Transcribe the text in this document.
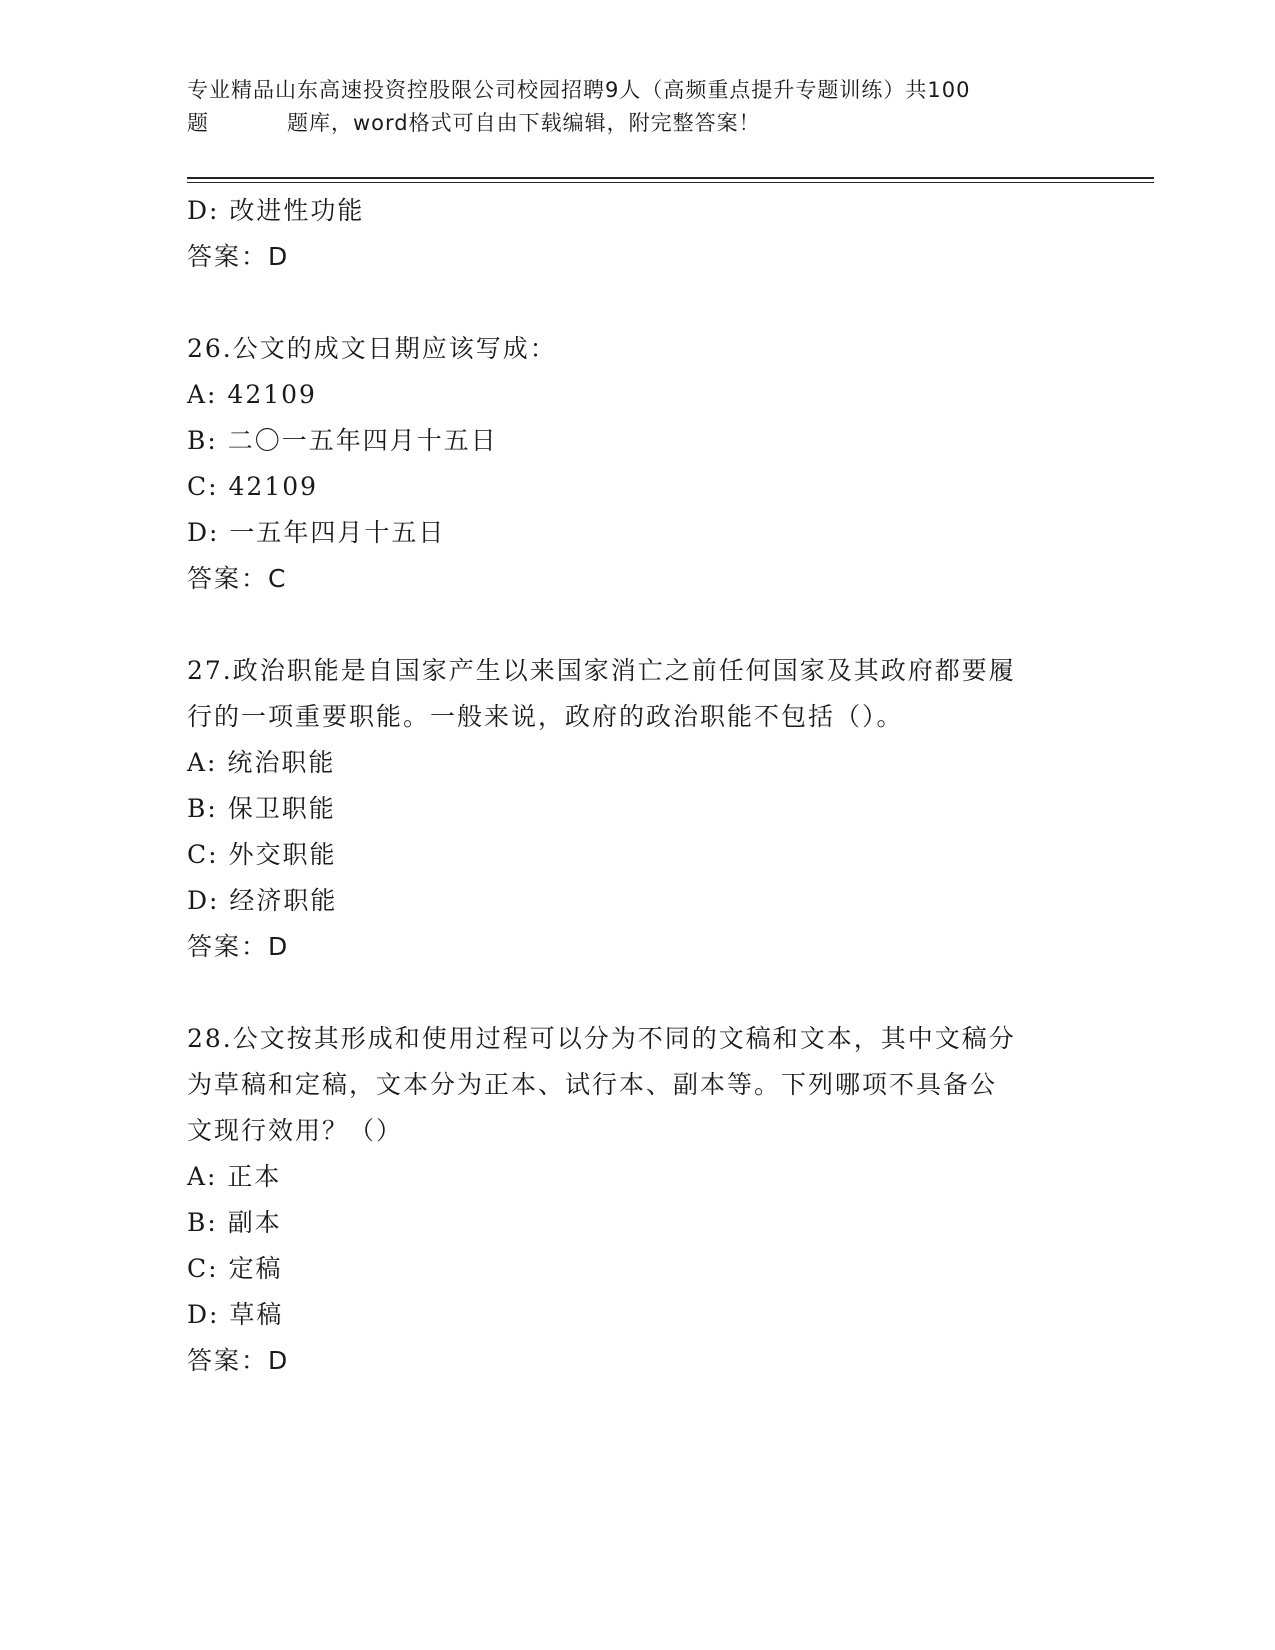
专业精品山东高速投资控股限公司校园招聘9人（高频重点提升专题训练）共100
题	题库，word格式可自由下载编辑，附完整答案！
D: 改进性功能
答案：D
26.公文的成文日期应该写成：
A: 42109
B: 二〇一五年四月十五日
C: 42109
D: 一五年四月十五日
答案：C
27.政治职能是自国家产生以来国家消亡之前任何国家及其政府都要履
行的一项重要职能。一般来说，政府的政治职能不包括（）。
A: 统治职能
B: 保卫职能
C: 外交职能
D: 经济职能
答案：D
28.公文按其形成和使用过程可以分为不同的文稿和文本，其中文稿分
为草稿和定稿，文本分为正本、试行本、副本等。下列哪项不具备公
文现行效用？（）
A: 正本
B: 副本
C: 定稿
D: 草稿
答案：D
